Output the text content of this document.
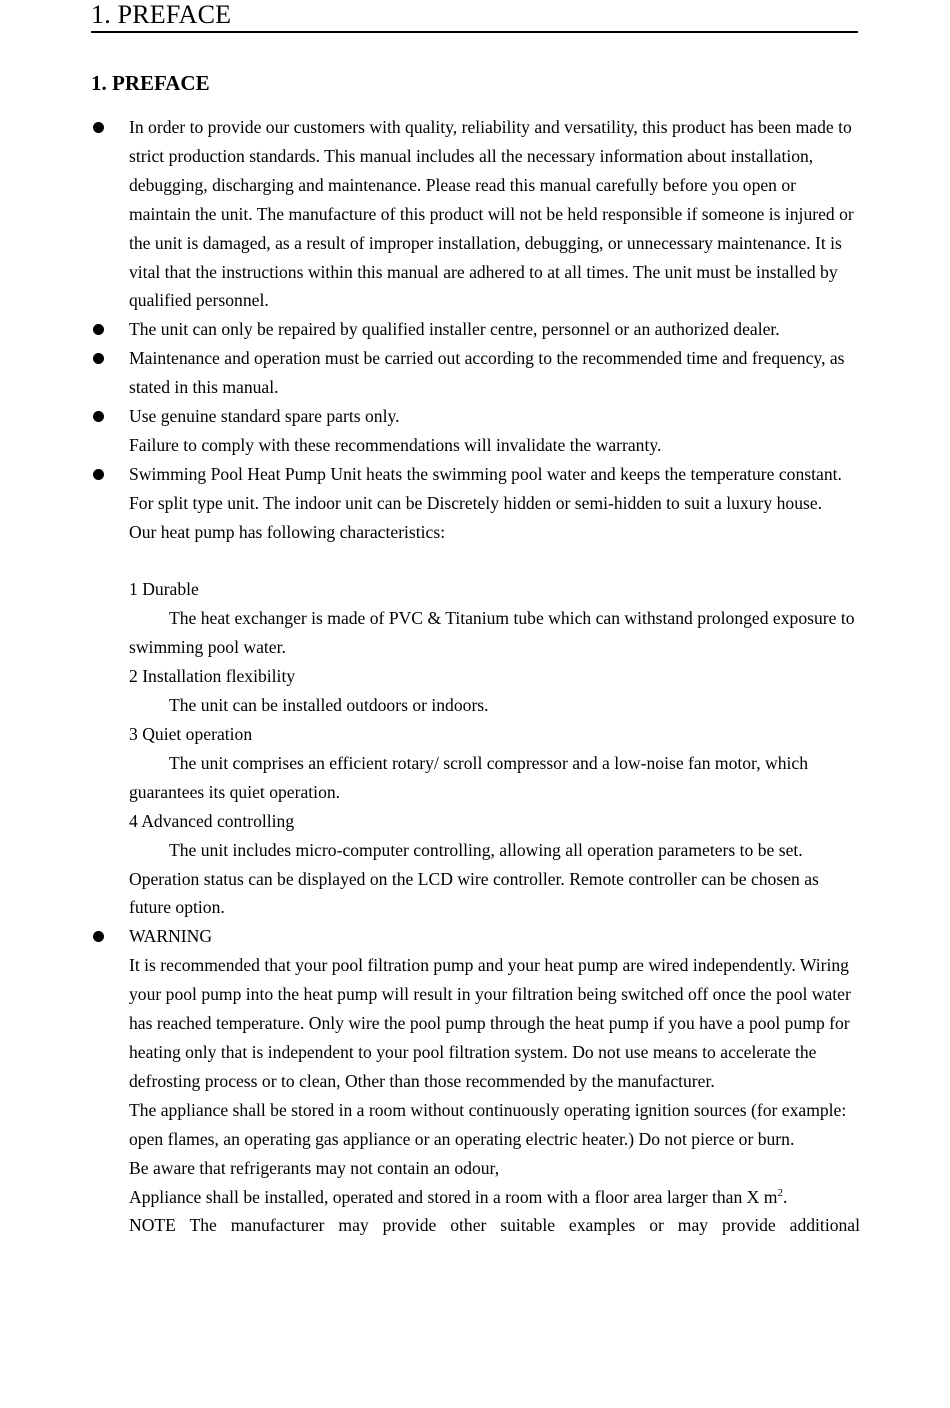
1. PREFACE
1. PREFACE

In order to provide our customers with quality, reliability and versatility, this product has been made to strict production standards. This manual includes all the necessary information about installation, debugging, discharging and maintenance. Please read this manual carefully before you open or maintain the unit. The manufacture of this product will not be held responsible if someone is injured or the unit is damaged, as a result of improper installation, debugging, or unnecessary maintenance. It is vital that the instructions within this manual are adhered to at all times. The unit must be installed by qualified personnel.

The unit can only be repaired by qualified installer centre, personnel or an authorized dealer.

Maintenance and operation must be carried out according to the recommended time and frequency, as stated in this manual.

Use genuine standard spare parts only.

Failure to comply with these recommendations will invalidate the warranty.

Swimming Pool Heat Pump Unit heats the swimming pool water and keeps the temperature constant. For split type unit. The indoor unit can be Discretely hidden or semi-hidden to suit a luxury house.

Our heat pump has following characteristics:

1 Durable

The heat exchanger is made of PVC & Titanium tube which can withstand prolonged exposure to swimming pool water.

2 Installation flexibility

The unit can be installed outdoors or indoors.

3 Quiet operation

The unit comprises an efficient rotary/ scroll compressor and a low-noise fan motor, which guarantees its quiet operation.

4 Advanced controlling

The unit includes micro-computer controlling, allowing all operation parameters to be set. Operation status can be displayed on the LCD wire controller. Remote controller can be chosen as future option.

WARNING

It is recommended that your pool filtration pump and your heat pump are wired independently. Wiring your pool pump into the heat pump will result in your filtration being switched off once the pool water has reached temperature. Only wire the pool pump through the heat pump if you have a pool pump for heating only that is independent to your pool filtration system. Do not use means to accelerate the defrosting process or to clean, Other than those recommended by the manufacturer.

The appliance shall be stored in a room without continuously operating ignition sources (for example: open flames, an operating gas appliance or an operating electric heater.) Do not pierce or burn.

Be aware that refrigerants may not contain an odour,

Appliance shall be installed, operated and stored in a room with a floor area larger than X $m^2$.

NOTE The manufacturer may provide other suitable examples or may provide additional
